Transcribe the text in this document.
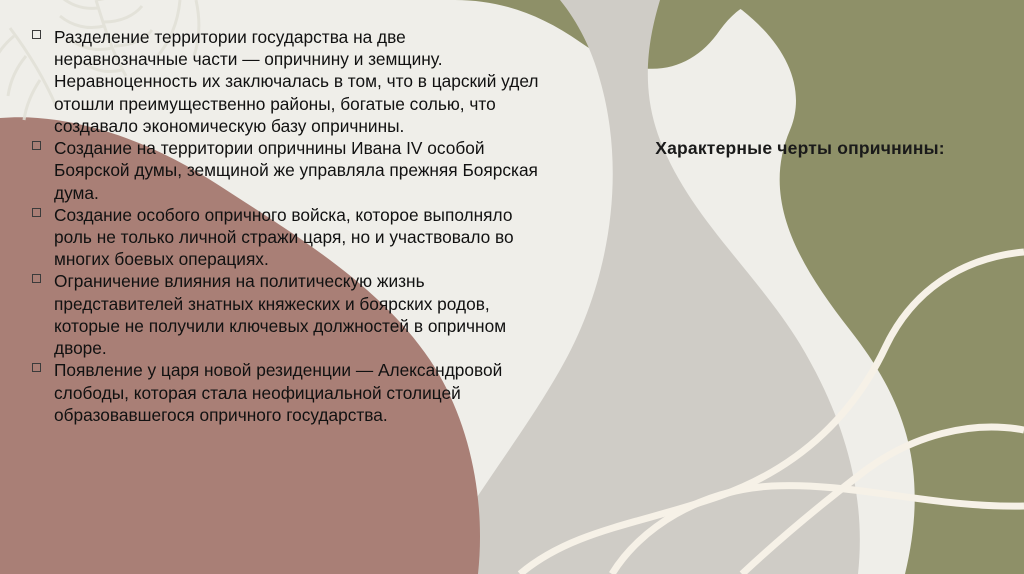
Характерные черты опричнины:
Разделение территории государства на две неравнозначные части — опричнину и земщину. Неравноценность их заключалась в том, что в царский удел отошли преимущественно районы, богатые солью, что создавало экономическую базу опричнины.
Создание на территории опричнины Ивана IV особой Боярской думы, земщиной же управляла прежняя Боярская дума.
Создание особого опричного войска, которое выполняло роль не только личной стражи царя, но и участвовало во многих боевых операциях.
Ограничение влияния на политическую жизнь представителей знатных княжеских и боярских родов, которые не получили ключевых должностей в опричном дворе.
Появление у царя новой резиденции — Александровой слободы, которая стала неофициальной столицей образовавшегося опричного государства.
